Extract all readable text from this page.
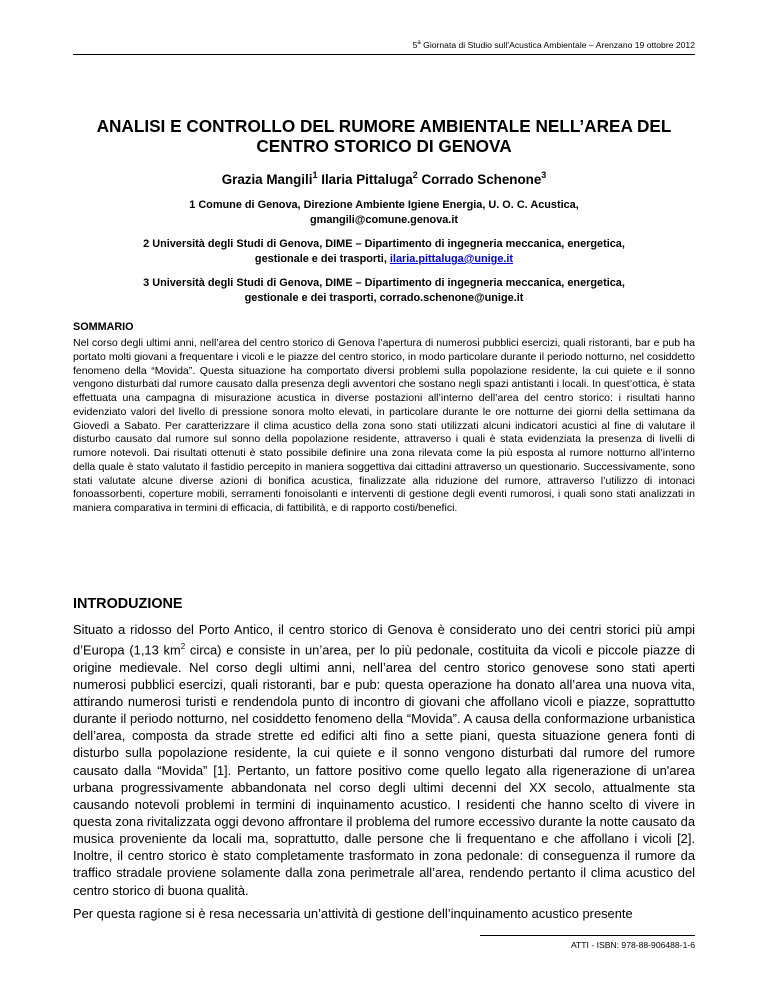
5$^a$ Giornata di Studio sull’Acustica Ambientale – Arenzano 19 ottobre 2012
ANALISI E CONTROLLO DEL RUMORE AMBIENTALE NELL’AREA DEL
CENTRO STORICO DI GENOVA
Grazia Mangili$^1$ Ilaria Pittaluga$^2$ Corrado Schenone$^3$
1 Comune di Genova, Direzione Ambiente Igiene Energia, U. O. C. Acustica,
gmangili@comune.genova.it
2 Università degli Studi di Genova, DIME – Dipartimento di ingegneria meccanica, energetica,
gestionale e dei trasporti, ilaria.pittaluga@unige.it
3 Università degli Studi di Genova, DIME – Dipartimento di ingegneria meccanica, energetica,
gestionale e dei trasporti, corrado.schenone@unige.it
SOMMARIO
Nel corso degli ultimi anni, nell’area del centro storico di Genova l’apertura di numerosi pubblici esercizi, quali ristoranti, bar e pub ha portato molti giovani a frequentare i vicoli e le piazze del centro storico, in modo particolare durante il periodo notturno, nel cosiddetto fenomeno della “Movida”. Questa situazione ha comportato diversi problemi sulla popolazione residente, la cui quiete e il sonno vengono disturbati dal rumore causato dalla presenza degli avventori che sostano negli spazi antistanti i locali. In quest’ottica, è stata effettuata una campagna di misurazione acustica in diverse postazioni all’interno dell’area del centro storico: i risultati hanno evidenziato valori del livello di pressione sonora molto elevati, in particolare durante le ore notturne dei giorni della settimana da Giovedì a Sabato. Per caratterizzare il clima acustico della zona sono stati utilizzati alcuni indicatori acustici al fine di valutare il disturbo causato dal rumore sul sonno della popolazione residente, attraverso i quali è stata evidenziata la presenza di livelli di rumore notevoli. Dai risultati ottenuti è stato possibile definire una zona rilevata come la più esposta al rumore notturno all’interno della quale è stato valutato il fastidio percepito in maniera soggettiva dai cittadini attraverso un questionario. Successivamente, sono stati valutate alcune diverse azioni di bonifica acustica, finalizzate alla riduzione del rumore, attraverso l’utilizzo di intonaci fonoassorbenti, coperture mobili, serramenti fonoisolanti e interventi di gestione degli eventi rumorosi, i quali sono stati analizzati in maniera comparativa in termini di efficacia, di fattibilità, e di rapporto costi/benefici.
INTRODUZIONE

Situato a ridosso del Porto Antico, il centro storico di Genova è considerato uno dei centri storici più ampi d’Europa (1,13 $km^2$ circa) e consiste in un’area, per lo più pedonale, costituita da vicoli e piccole piazze di origine medievale. Nel corso degli ultimi anni, nell’area del centro storico genovese sono stati aperti numerosi pubblici esercizi, quali ristoranti, bar e pub: questa operazione ha donato all’area una nuova vita, attirando numerosi turisti e rendendola punto di incontro di giovani che affollano vicoli e piazze, soprattutto durante il periodo notturno, nel cosiddetto fenomeno della “Movida”. A causa della conformazione urbanistica dell’area, composta da strade strette ed edifici alti fino a sette piani, questa situazione genera fonti di disturbo sulla popolazione residente, la cui quiete e il sonno vengono disturbati dal rumore del rumore causato dalla “Movida” [1]. Pertanto, un fattore positivo come quello legato alla rigenerazione di un'area urbana progressivamente abbandonata nel corso degli ultimi decenni del XX secolo, attualmente sta causando notevoli problemi in termini di inquinamento acustico. I residenti che hanno scelto di vivere in questa zona rivitalizzata oggi devono affrontare il problema del rumore eccessivo durante la notte causato da musica proveniente da locali ma, soprattutto, dalle persone che li frequentano e che affollano i vicoli [2]. Inoltre, il centro storico è stato completamente trasformato in zona pedonale: di conseguenza il rumore da traffico stradale proviene solamente dalla zona perimetrale all’area, rendendo pertanto il clima acustico del centro storico di buona qualità.

Per questa ragione si è resa necessaria un’attività di gestione dell’inquinamento acustico presente

ATTI - ISBN: 978-88-906488-1-6
